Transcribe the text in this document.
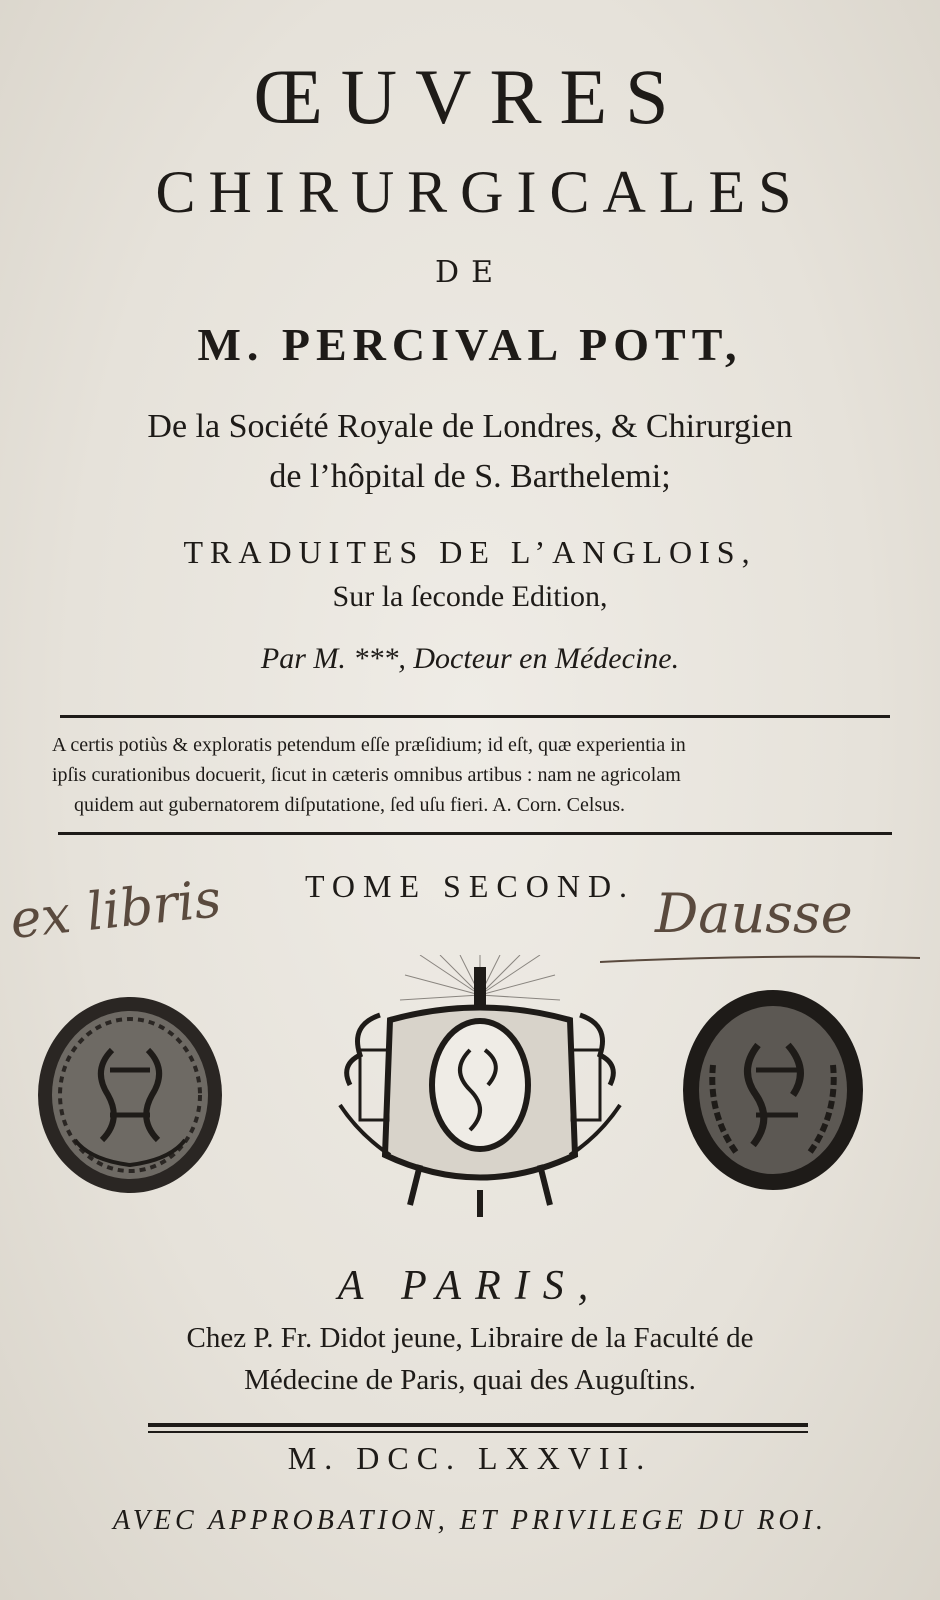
ŒUVRES
CHIRURGICALES
DE
M. PERCIVAL POTT,
De la Société Royale de Londres, & Chirurgien
de l’hôpital de S. Barthelemi;
TRADUITES DE L’ANGLOIS,
Sur la ſeconde Edition,
Par M. ***, Docteur en Médecine.
A certis potiùs & exploratis petendum eſſe præſidium; id eſt, quæ experientia in
ipſis curationibus docuerit, ſicut in cæteris omnibus artibus : nam ne agricolam
quidem aut gubernatorem diſputatione, ſed uſu fieri. A. Corn. Celsus.
TOME SECOND.
ex libris	Dausse
A PARIS,
Chez P. Fr. Didot jeune, Libraire de la Faculté de
Médecine de Paris, quai des Auguſtins.
M. DCC. LXXVII.
AVEC APPROBATION, ET PRIVILEGE DU ROI.
